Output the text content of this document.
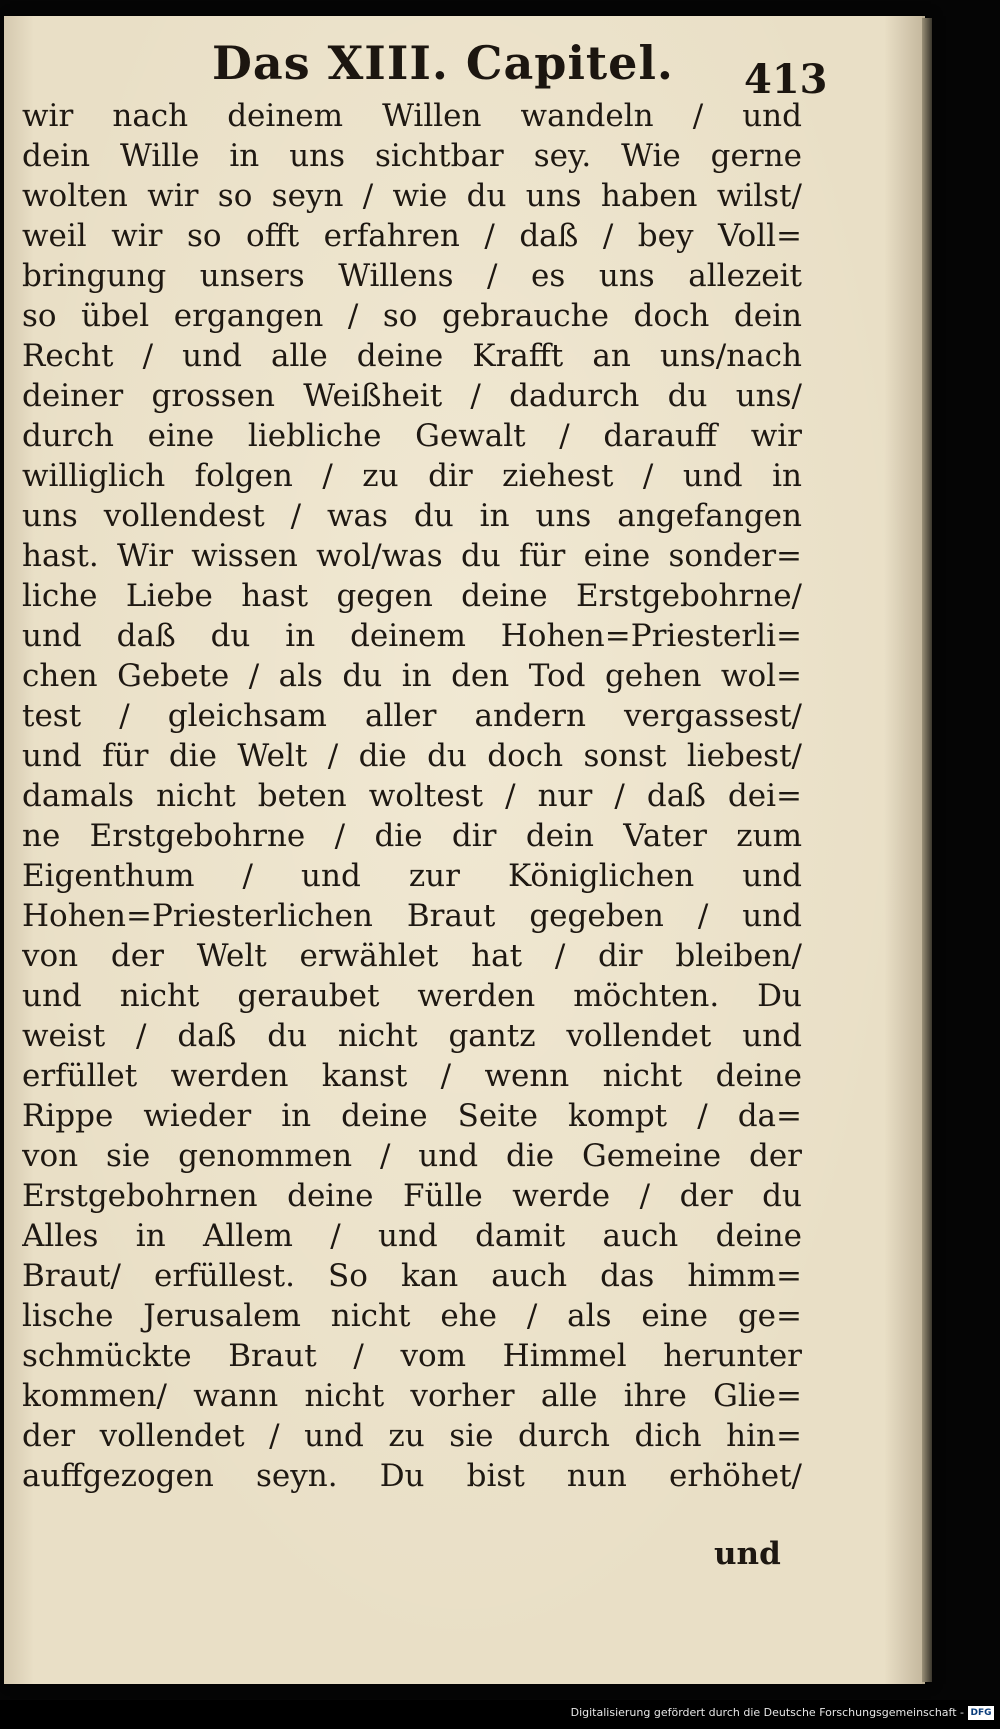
Das XIII. Capitel. 413
wir nach deinem Willen wandeln / und
dein Wille in uns sichtbar sey. Wie gerne
wolten wir so seyn / wie du uns haben wilst/
weil wir so offt erfahren / daß / bey Voll=
bringung unsers Willens / es uns allezeit
so übel ergangen / so gebrauche doch dein
Recht / und alle deine Krafft an uns/nach
deiner grossen Weißheit / dadurch du uns/
durch eine liebliche Gewalt / darauff wir
williglich folgen / zu dir ziehest / und in
uns vollendest / was du in uns angefangen
hast. Wir wissen wol/was du für eine sonder=
liche Liebe hast gegen deine Erstgebohrne/
und daß du in deinem Hohen=Priesterli=
chen Gebete / als du in den Tod gehen wol=
test / gleichsam aller andern vergassest/
und für die Welt / die du doch sonst liebest/
damals nicht beten woltest / nur / daß dei=
ne Erstgebohrne / die dir dein Vater zum
Eigenthum / und zur Königlichen und
Hohen=Priesterlichen Braut gegeben / und
von der Welt erwählet hat / dir bleiben/
und nicht geraubet werden möchten. Du
weist / daß du nicht gantz vollendet und
erfüllet werden kanst / wenn nicht deine
Rippe wieder in deine Seite kompt / da=
von sie genommen / und die Gemeine der
Erstgebohrnen deine Fülle werde / der du
Alles in Allem / und damit auch deine
Braut/ erfüllest. So kan auch das himm=
lische Jerusalem nicht ehe / als eine ge=
schmückte Braut / vom Himmel herunter
kommen/ wann nicht vorher alle ihre Glie=
der vollendet / und zu sie durch dich hin=
auffgezogen seyn. Du bist nun erhöhet/
und
Digitalisierung gefördert durch die Deutsche Forschungsgemeinschaft - DFG
